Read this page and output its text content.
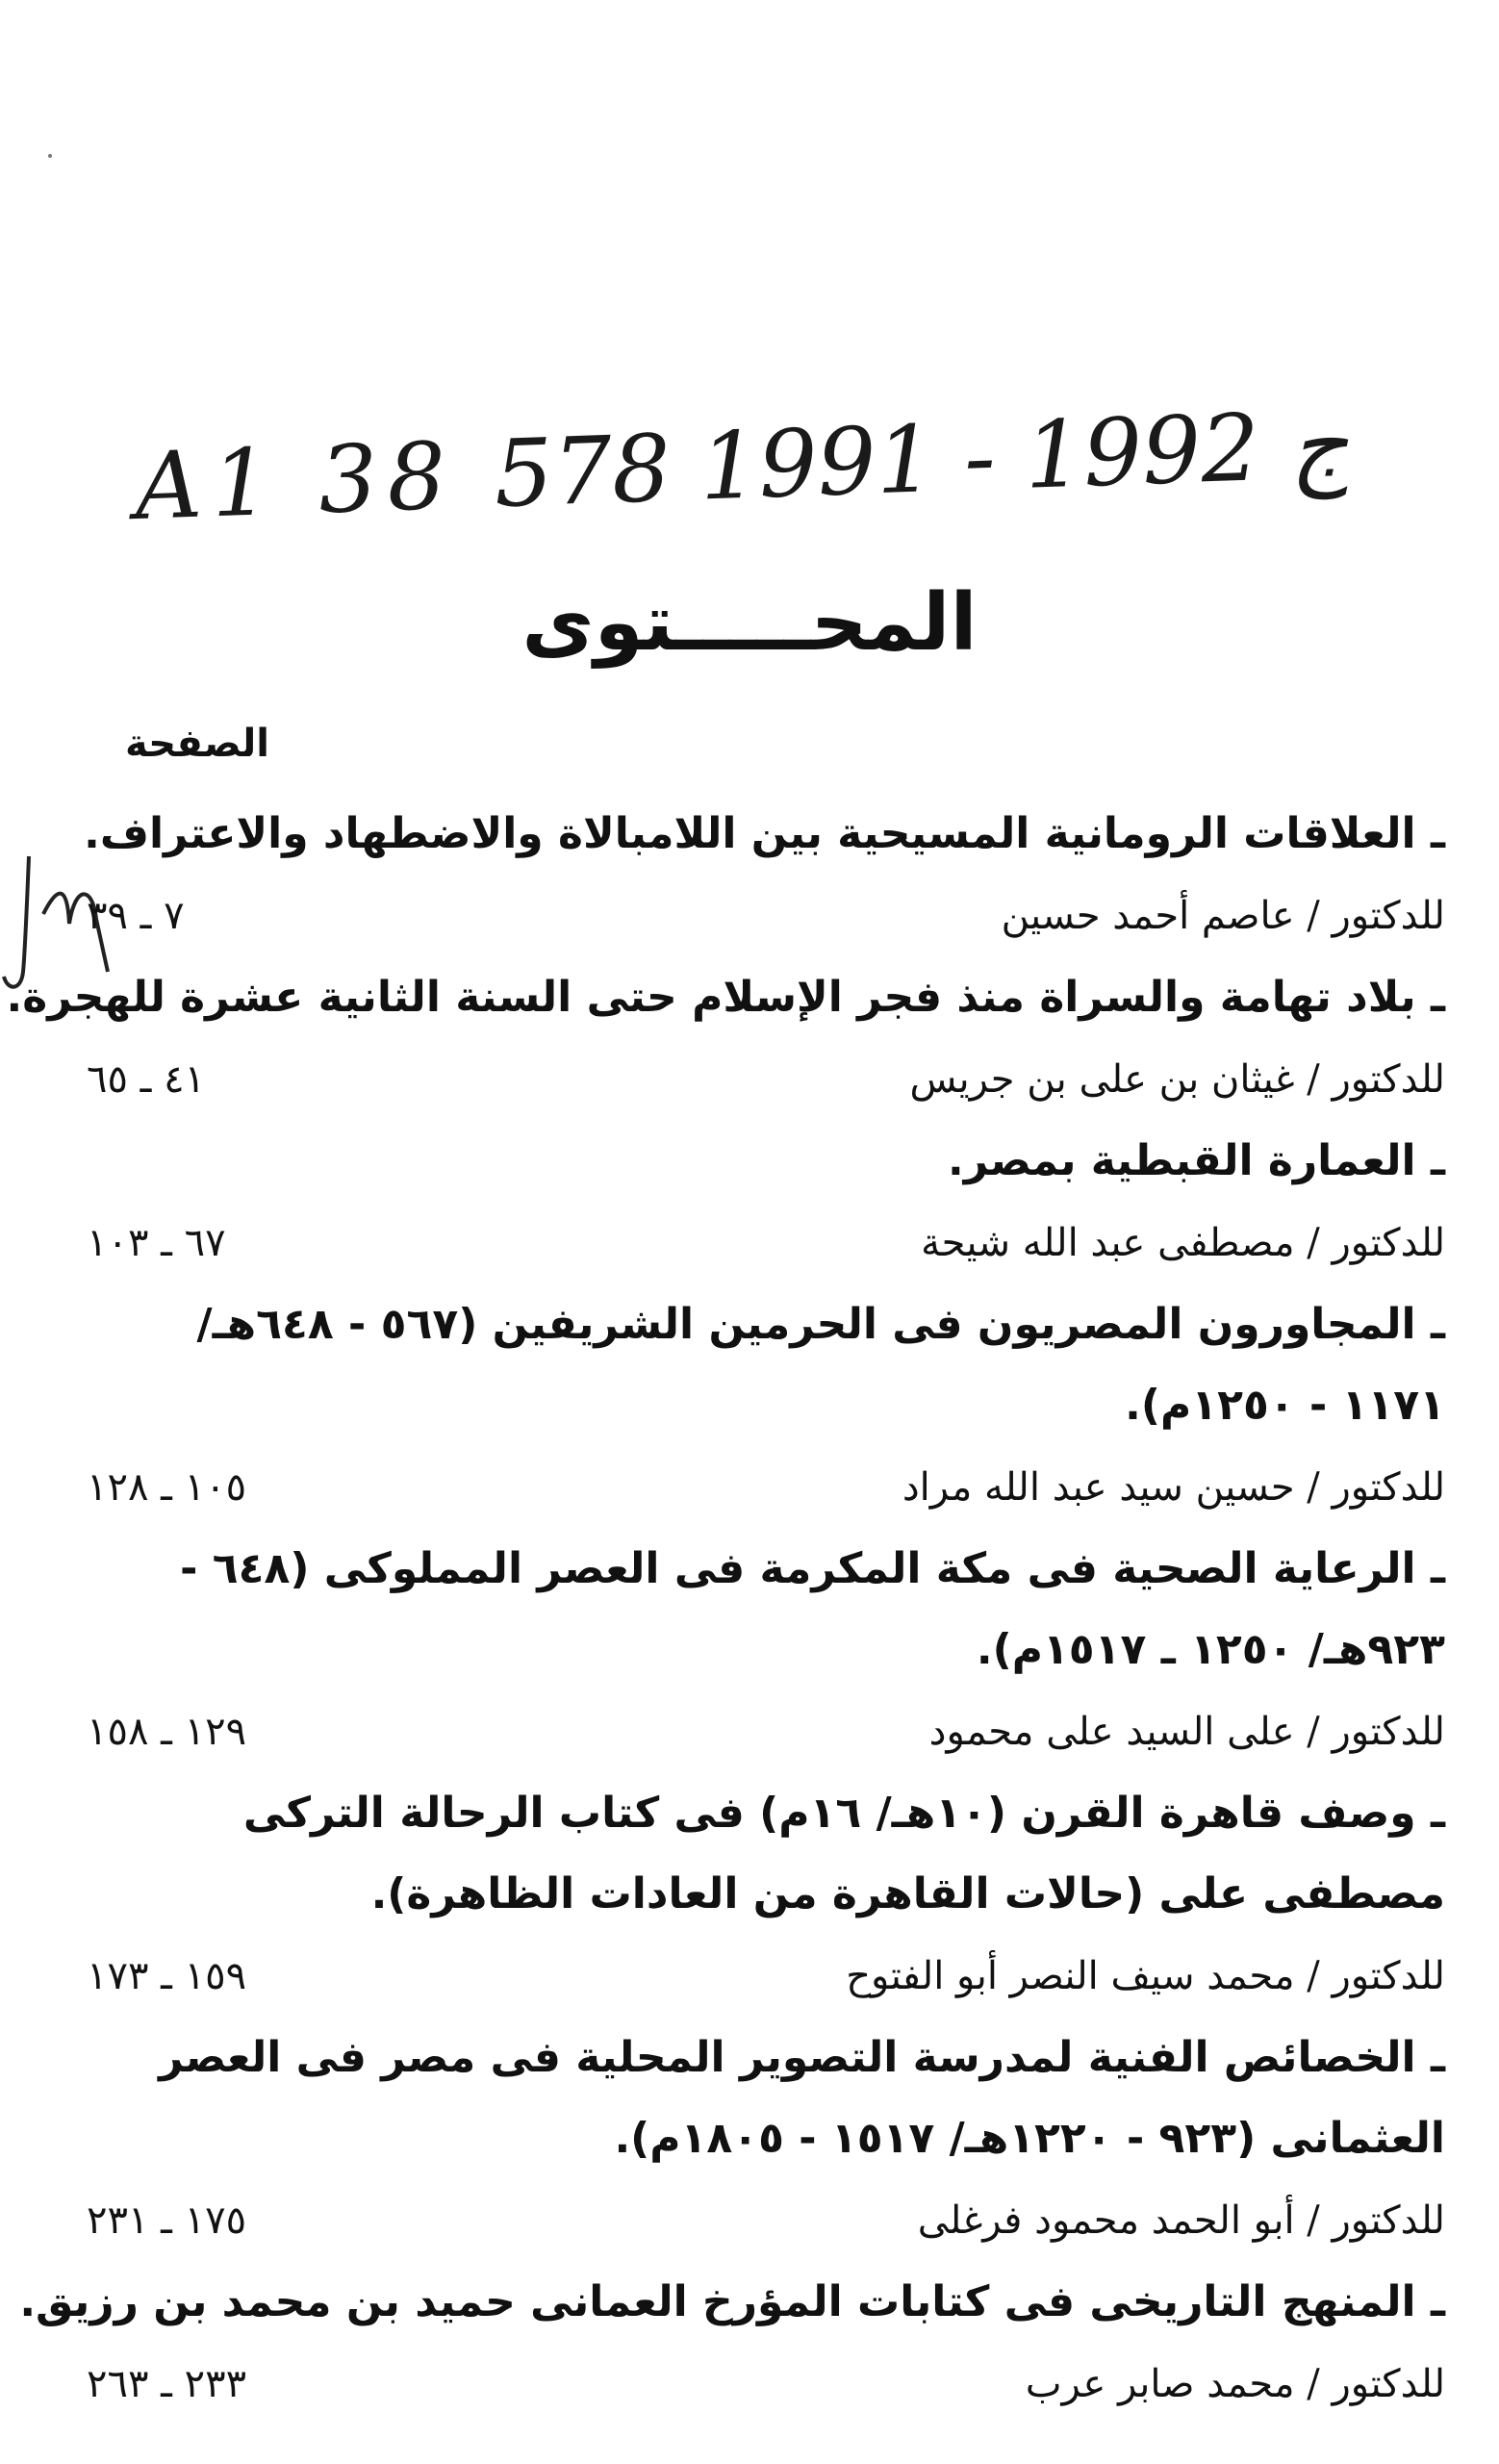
A1 38 ج 1992 - 1991 578
المحـــــتوى
الصفحة
ـ العلاقات الرومانية المسيحية بين اللامبالاة والاضطهاد والاعتراف.
للدكتور / عاصم أحمد حسين
٧ ـ ٣٩
ـ بلاد تهامة والسراة منذ فجر الإسلام حتى السنة الثانية عشرة للهجرة.
للدكتور / غيثان بن على بن جريس
٤١ ـ ٦٥
ـ العمارة القبطية بمصر.
للدكتور / مصطفى عبد الله شيحة
٦٧ ـ ١٠٣
ـ المجاورون المصريون فى الحرمين الشريفين (٥٦٧ - ٦٤٨هـ/
١١٧١ - ١٢٥٠م).
للدكتور / حسين سيد عبد الله مراد
١٠٥ ـ ١٢٨
ـ الرعاية الصحية فى مكة المكرمة فى العصر المملوكى (٦٤٨ -
٩٢٣هـ/ ١٢٥٠ ـ ١٥١٧م).
للدكتور / على السيد على محمود
١٢٩ ـ ١٥٨
ـ وصف قاهرة القرن (١٠هـ/ ١٦م) فى كتاب الرحالة التركى
مصطفى على (حالات القاهرة من العادات الظاهرة).
للدكتور / محمد سيف النصر أبو الفتوح
١٥٩ ـ ١٧٣
ـ الخصائص الفنية لمدرسة التصوير المحلية فى مصر فى العصر
العثمانى (٩٢٣ - ١٢٢٠هـ/ ١٥١٧ - ١٨٠٥م).
للدكتور / أبو الحمد محمود فرغلى
١٧٥ ـ ٢٣١
ـ المنهج التاريخى فى كتابات المؤرخ العمانى حميد بن محمد بن رزيق.
للدكتور / محمد صابر عرب
٢٣٣ ـ ٢٦٣
